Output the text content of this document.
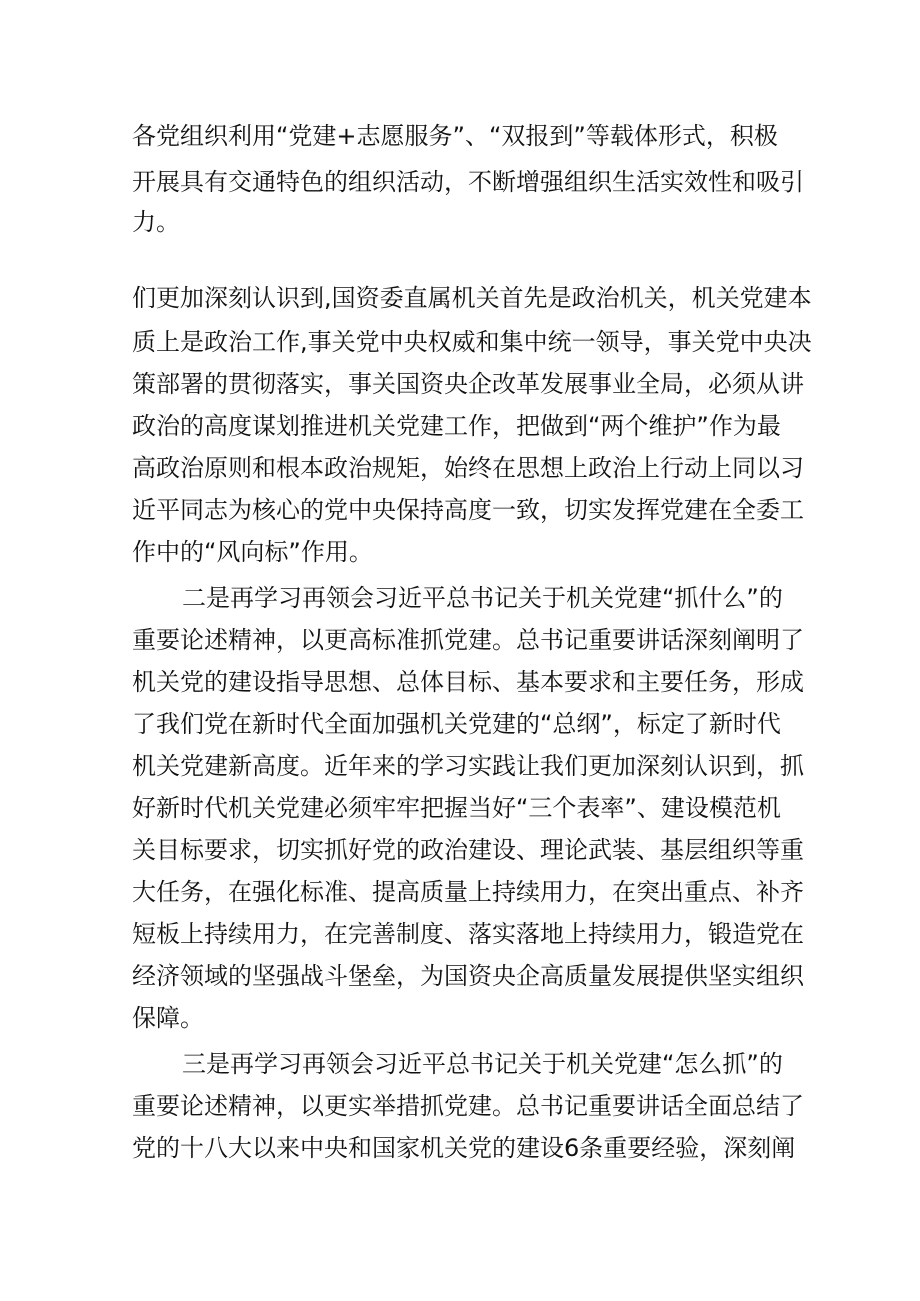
各党组织利用“党建+志愿服务”、“双报到”等载体形式，积极
开展具有交通特色的组织活动，不断增强组织生活实效性和吸引
力。
们更加深刻认识到,国资委直属机关首先是政治机关，机关党建本
质上是政治工作,事关党中央权威和集中统一领导，事关党中央决
策部署的贯彻落实，事关国资央企改革发展事业全局，必须从讲
政治的高度谋划推进机关党建工作，把做到“两个维护”作为最
高政治原则和根本政治规矩，始终在思想上政治上行动上同以习
近平同志为核心的党中央保持高度一致，切实发挥党建在全委工
作中的“风向标”作用。
二是再学习再领会习近平总书记关于机关党建“抓什么”的
重要论述精神，以更高标准抓党建。总书记重要讲话深刻阐明了
机关党的建设指导思想、总体目标、基本要求和主要任务，形成
了我们党在新时代全面加强机关党建的“总纲”，标定了新时代
机关党建新高度。近年来的学习实践让我们更加深刻认识到，抓
好新时代机关党建必须牢牢把握当好“三个表率”、建设模范机
关目标要求，切实抓好党的政治建设、理论武装、基层组织等重
大任务，在强化标准、提高质量上持续用力，在突出重点、补齐
短板上持续用力，在完善制度、落实落地上持续用力，锻造党在
经济领域的坚强战斗堡垒，为国资央企高质量发展提供坚实组织
保障。
三是再学习再领会习近平总书记关于机关党建“怎么抓”的
重要论述精神，以更实举措抓党建。总书记重要讲话全面总结了
党的十八大以来中央和国家机关党的建设6条重要经验，深刻阐
